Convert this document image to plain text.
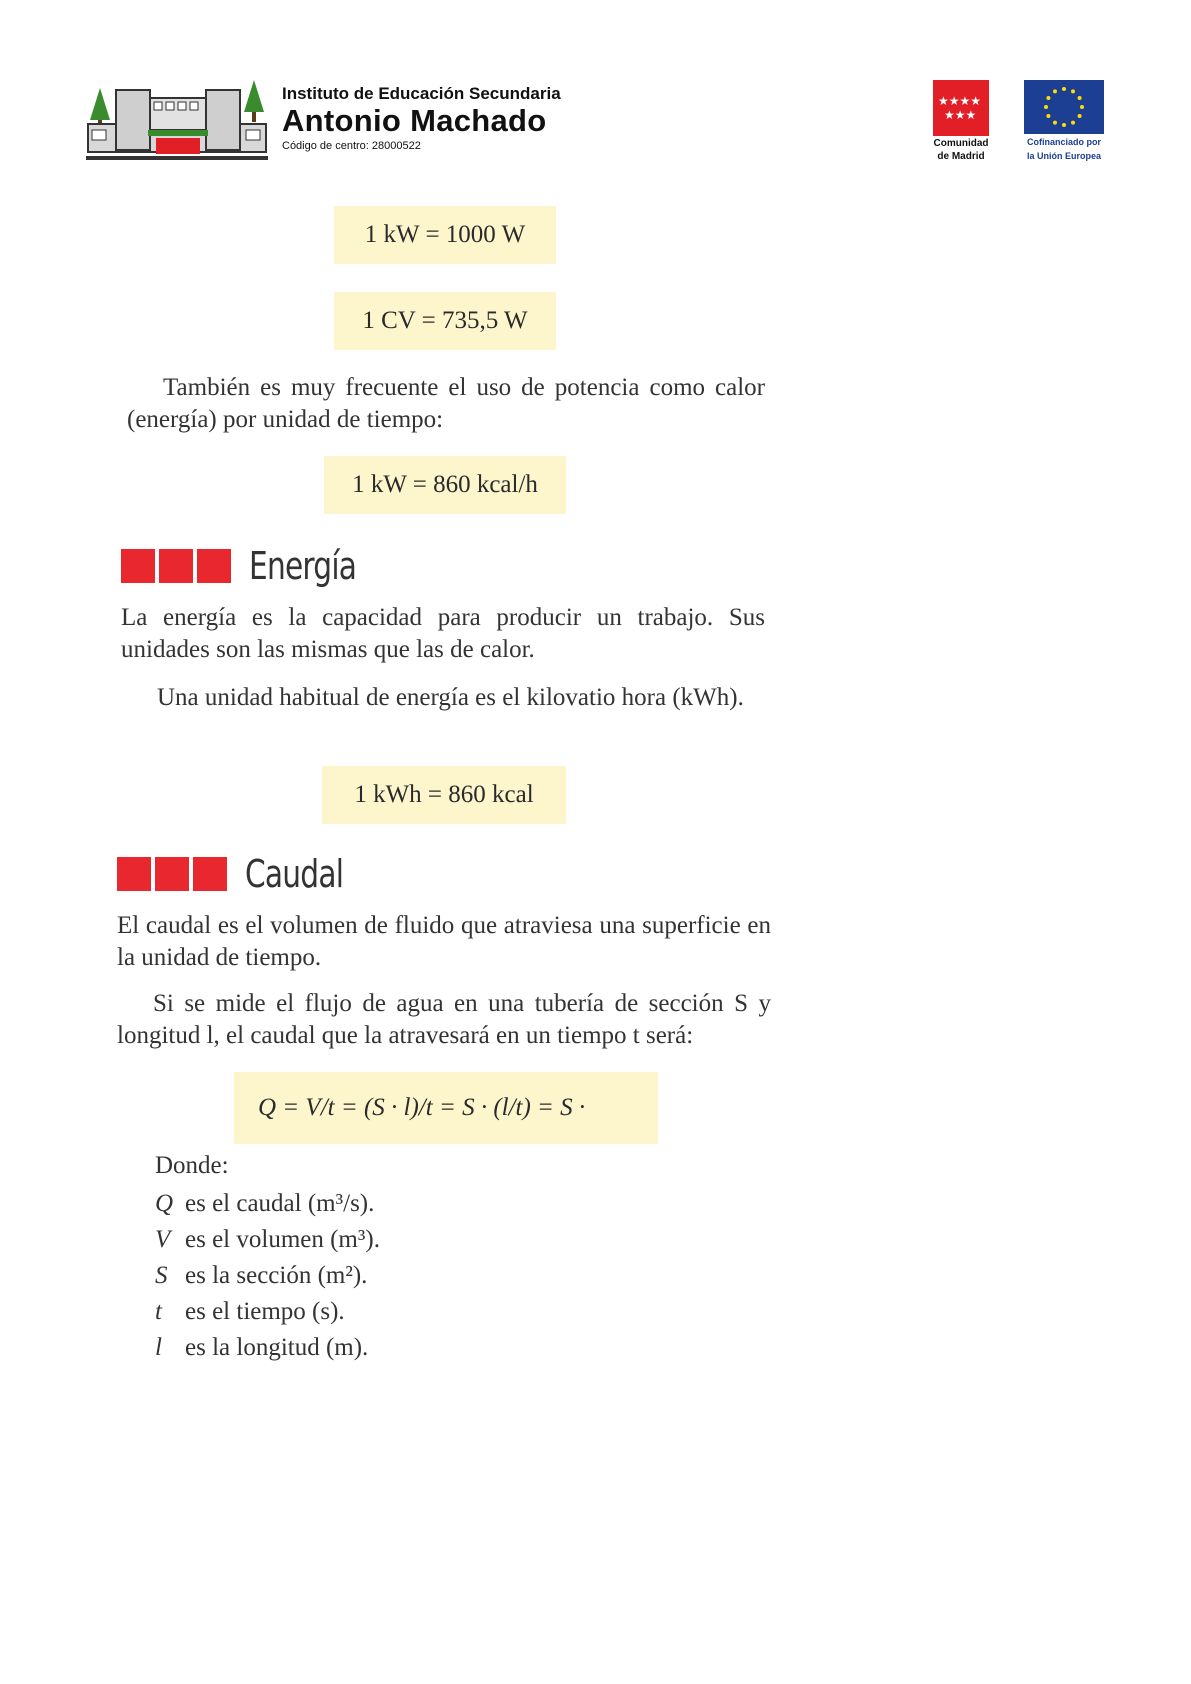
Instituto de Educación Secundaria
Antonio Machado
Código de centro: 28000522
★★★★
★★★
Comunidad
de Madrid
Cofinanciado por
la Unión Europea
1 kW = 1000 W
1 CV = 735,5 W
También es muy frecuente el uso de potencia como calor (energía) por unidad de tiempo:
1 kW = 860 kcal/h
Energía
La energía es la capacidad para producir un trabajo. Sus unidades son las mismas que las de calor.
Una unidad habitual de energía es el kilovatio hora (kWh).
1 kWh = 860 kcal
Caudal
El caudal es el volumen de fluido que atraviesa una superficie en la unidad de tiempo.
Si se mide el flujo de agua en una tubería de sección S y longitud l, el caudal que la atravesará en un tiempo t será:
Q = V/t = (S · l)/t = S · (l/t) = S ·
Donde:
Q es el caudal (m³/s).
V es el volumen (m³).
S es la sección (m²).
t es el tiempo (s).
l es la longitud (m).
